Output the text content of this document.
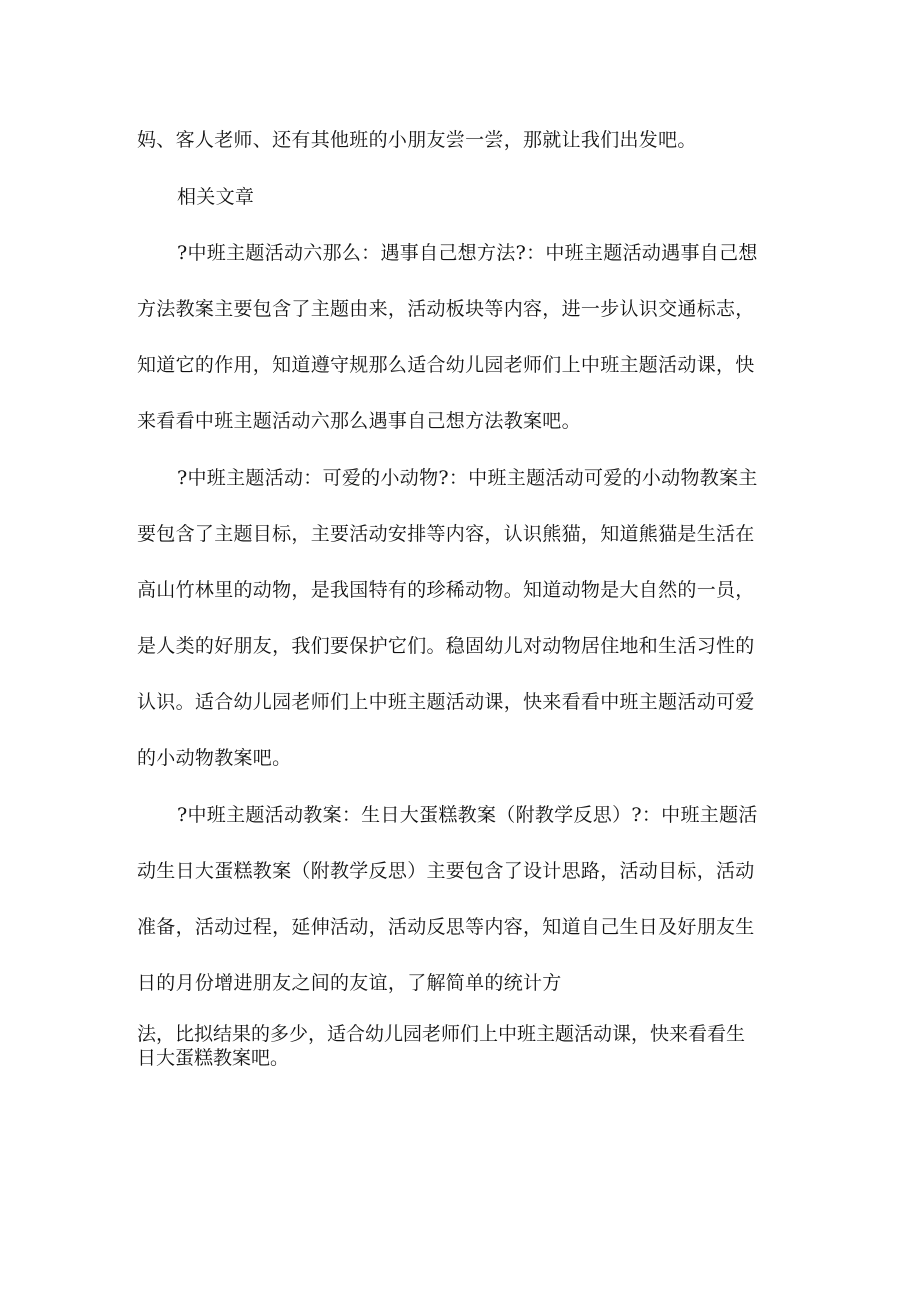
妈、客人老师、还有其他班的小朋友尝一尝，那就让我们出发吧。
相关文章
?中班主题活动六那么：遇事自己想方法?：中班主题活动遇事自己想
方法教案主要包含了主题由来，活动板块等内容，进一步认识交通标志，
知道它的作用，知道遵守规那么适合幼儿园老师们上中班主题活动课，快
来看看中班主题活动六那么遇事自己想方法教案吧。
?中班主题活动：可爱的小动物?：中班主题活动可爱的小动物教案主
要包含了主题目标，主要活动安排等内容，认识熊猫，知道熊猫是生活在
高山竹林里的动物，是我国特有的珍稀动物。知道动物是大自然的一员，
是人类的好朋友，我们要保护它们。稳固幼儿对动物居住地和生活习性的
认识。适合幼儿园老师们上中班主题活动课，快来看看中班主题活动可爱
的小动物教案吧。
?中班主题活动教案：生日大蛋糕教案（附教学反思）?：中班主题活
动生日大蛋糕教案（附教学反思）主要包含了设计思路，活动目标，活动
准备，活动过程，延伸活动，活动反思等内容，知道自己生日及好朋友生
日的月份增进朋友之间的友谊，了解简单的统计方
法，比拟结果的多少，适合幼儿园老师们上中班主题活动课，快来看看生
日大蛋糕教案吧。
